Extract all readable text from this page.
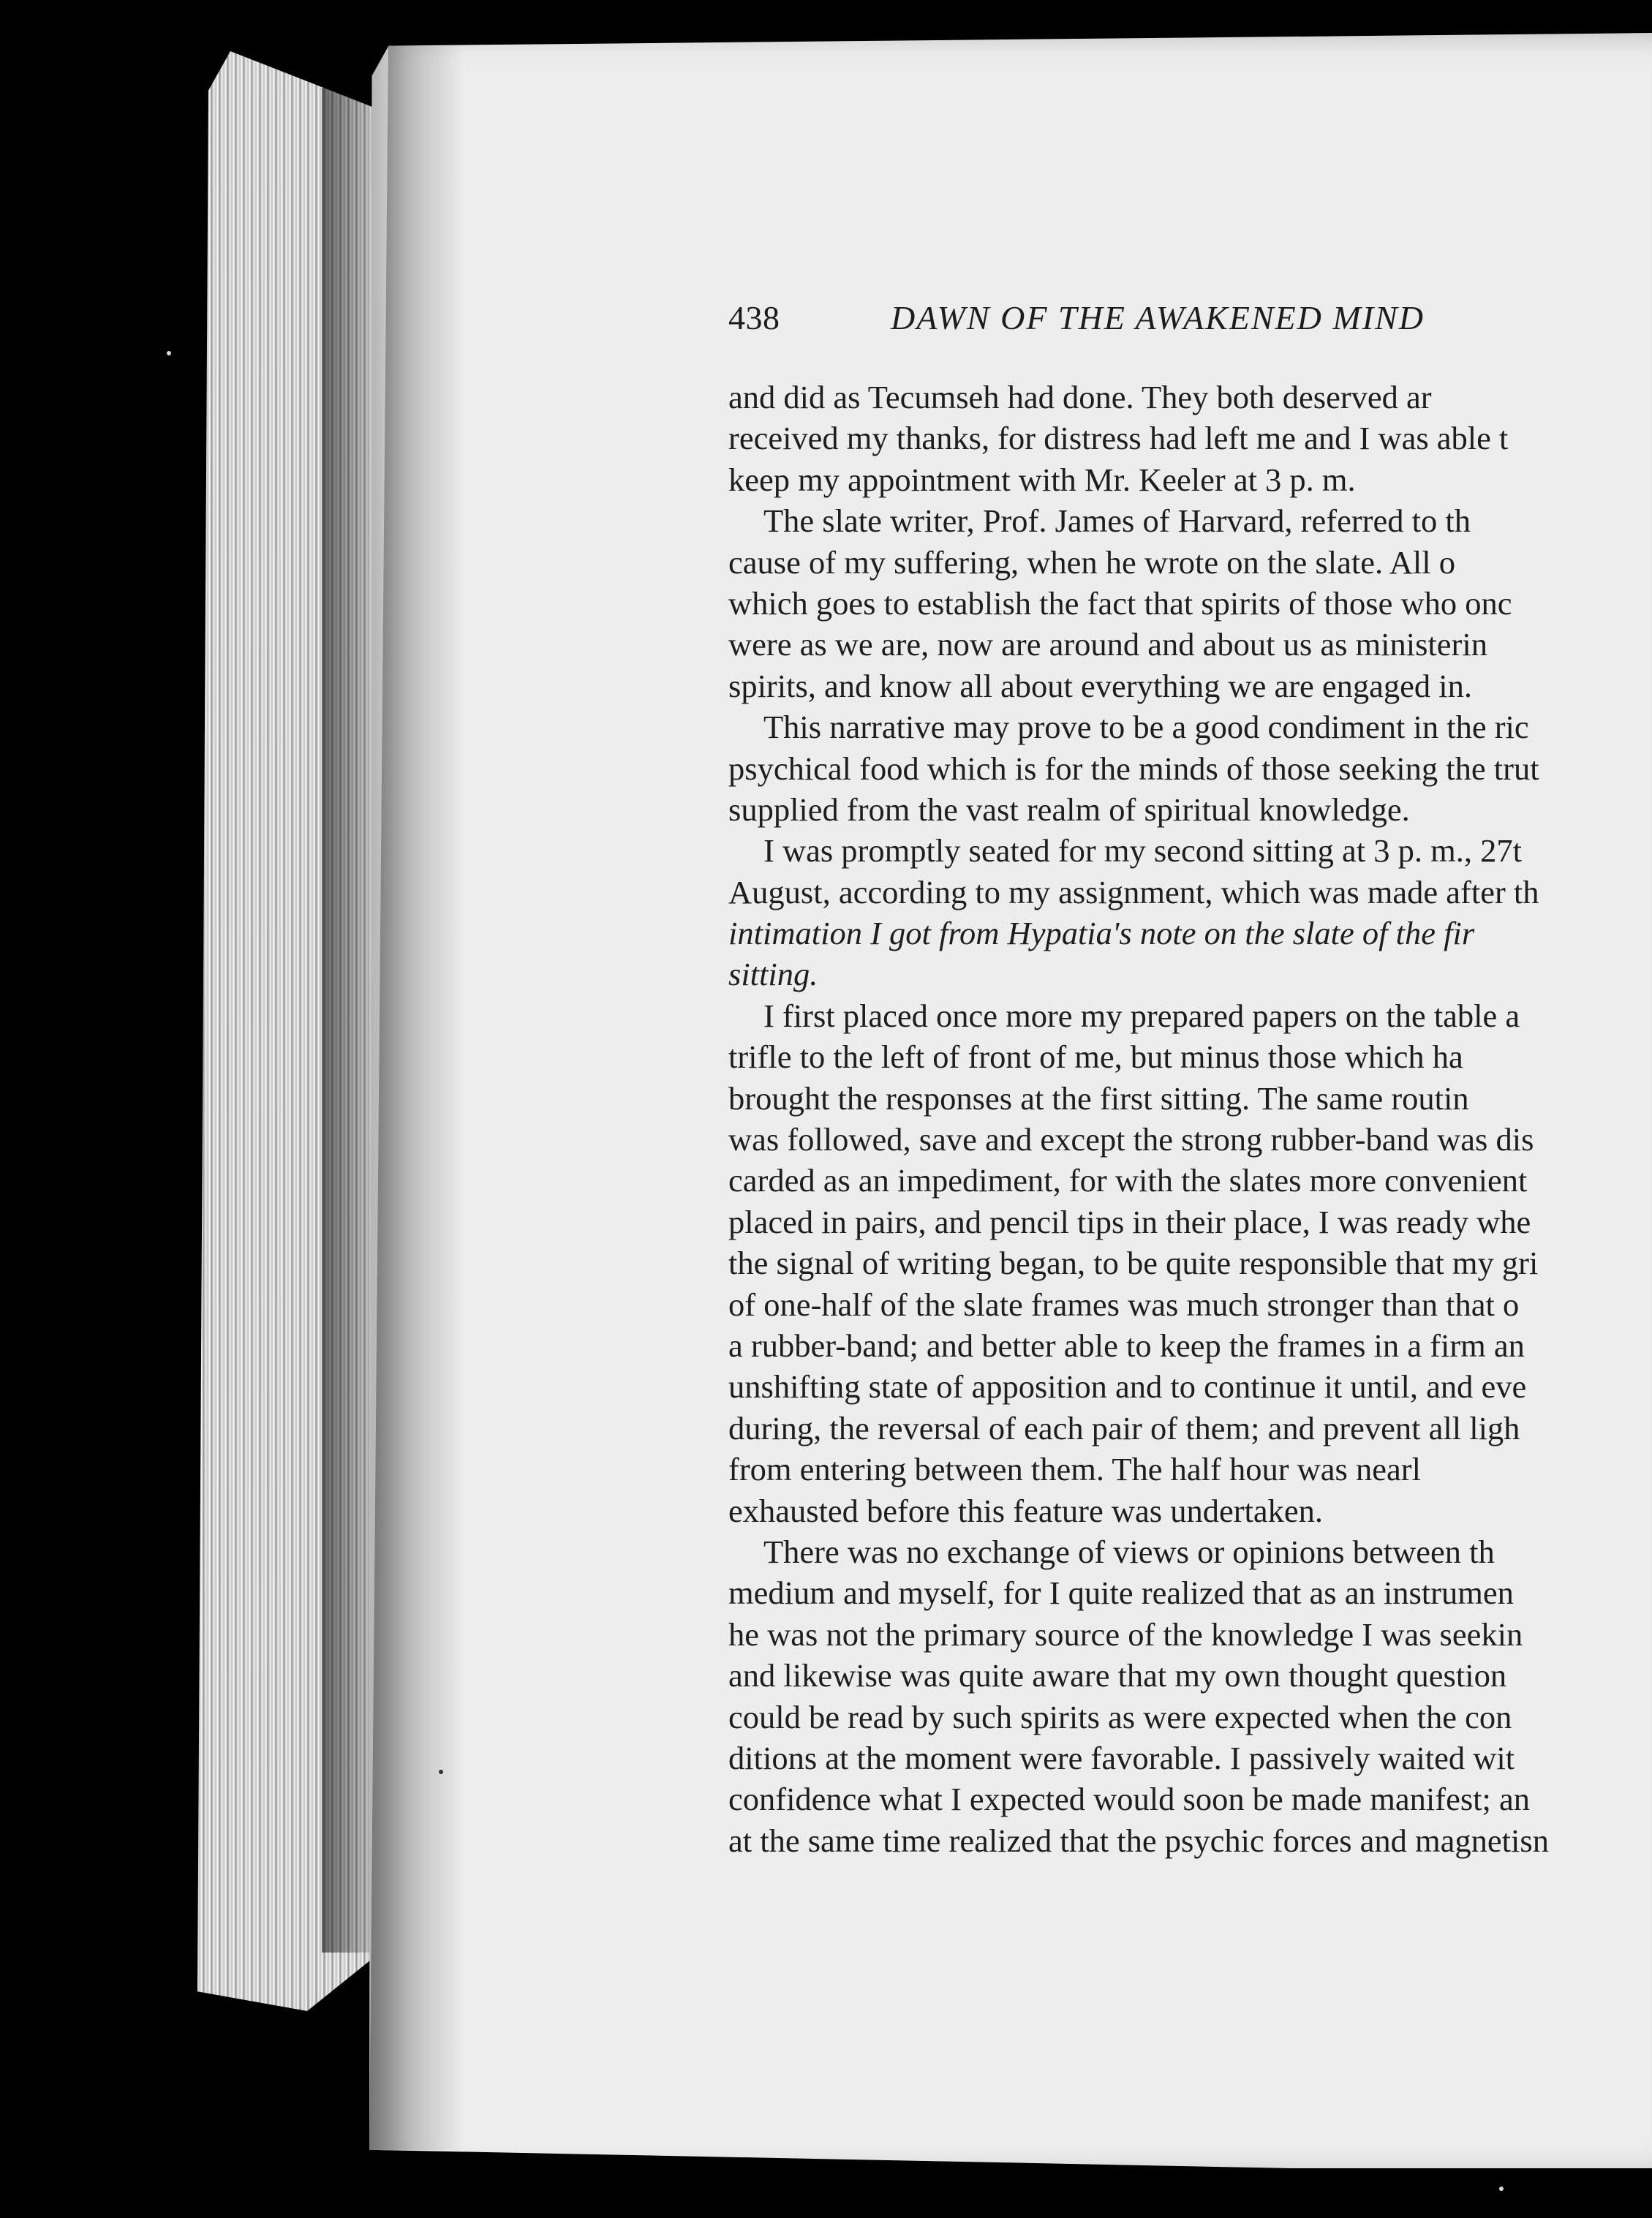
438	DAWN OF THE AWAKENED MIND
and did as Tecumseh had done. They both deserved ar
received my thanks, for distress had left me and I was able t
keep my appointment with Mr. Keeler at 3 p. m.
The slate writer, Prof. James of Harvard, referred to th
cause of my suffering, when he wrote on the slate. All o
which goes to establish the fact that spirits of those who onc
were as we are, now are around and about us as ministerin
spirits, and know all about everything we are engaged in.
This narrative may prove to be a good condiment in the ric
psychical food which is for the minds of those seeking the trut
supplied from the vast realm of spiritual knowledge.
I was promptly seated for my second sitting at 3 p. m., 27t
August, according to my assignment, which was made after th
intimation I got from Hypatia's note on the slate of the fir
sitting.
I first placed once more my prepared papers on the table a
trifle to the left of front of me, but minus those which ha
brought the responses at the first sitting. The same routin
was followed, save and except the strong rubber-band was dis
carded as an impediment, for with the slates more convenient
placed in pairs, and pencil tips in their place, I was ready whe
the signal of writing began, to be quite responsible that my gri
of one-half of the slate frames was much stronger than that o
a rubber-band; and better able to keep the frames in a firm an
unshifting state of apposition and to continue it until, and eve
during, the reversal of each pair of them; and prevent all ligh
from entering between them. The half hour was nearl
exhausted before this feature was undertaken.
There was no exchange of views or opinions between th
medium and myself, for I quite realized that as an instrumen
he was not the primary source of the knowledge I was seekin
and likewise was quite aware that my own thought question
could be read by such spirits as were expected when the con
ditions at the moment were favorable. I passively waited wit
confidence what I expected would soon be made manifest; an
at the same time realized that the psychic forces and magnetisn
